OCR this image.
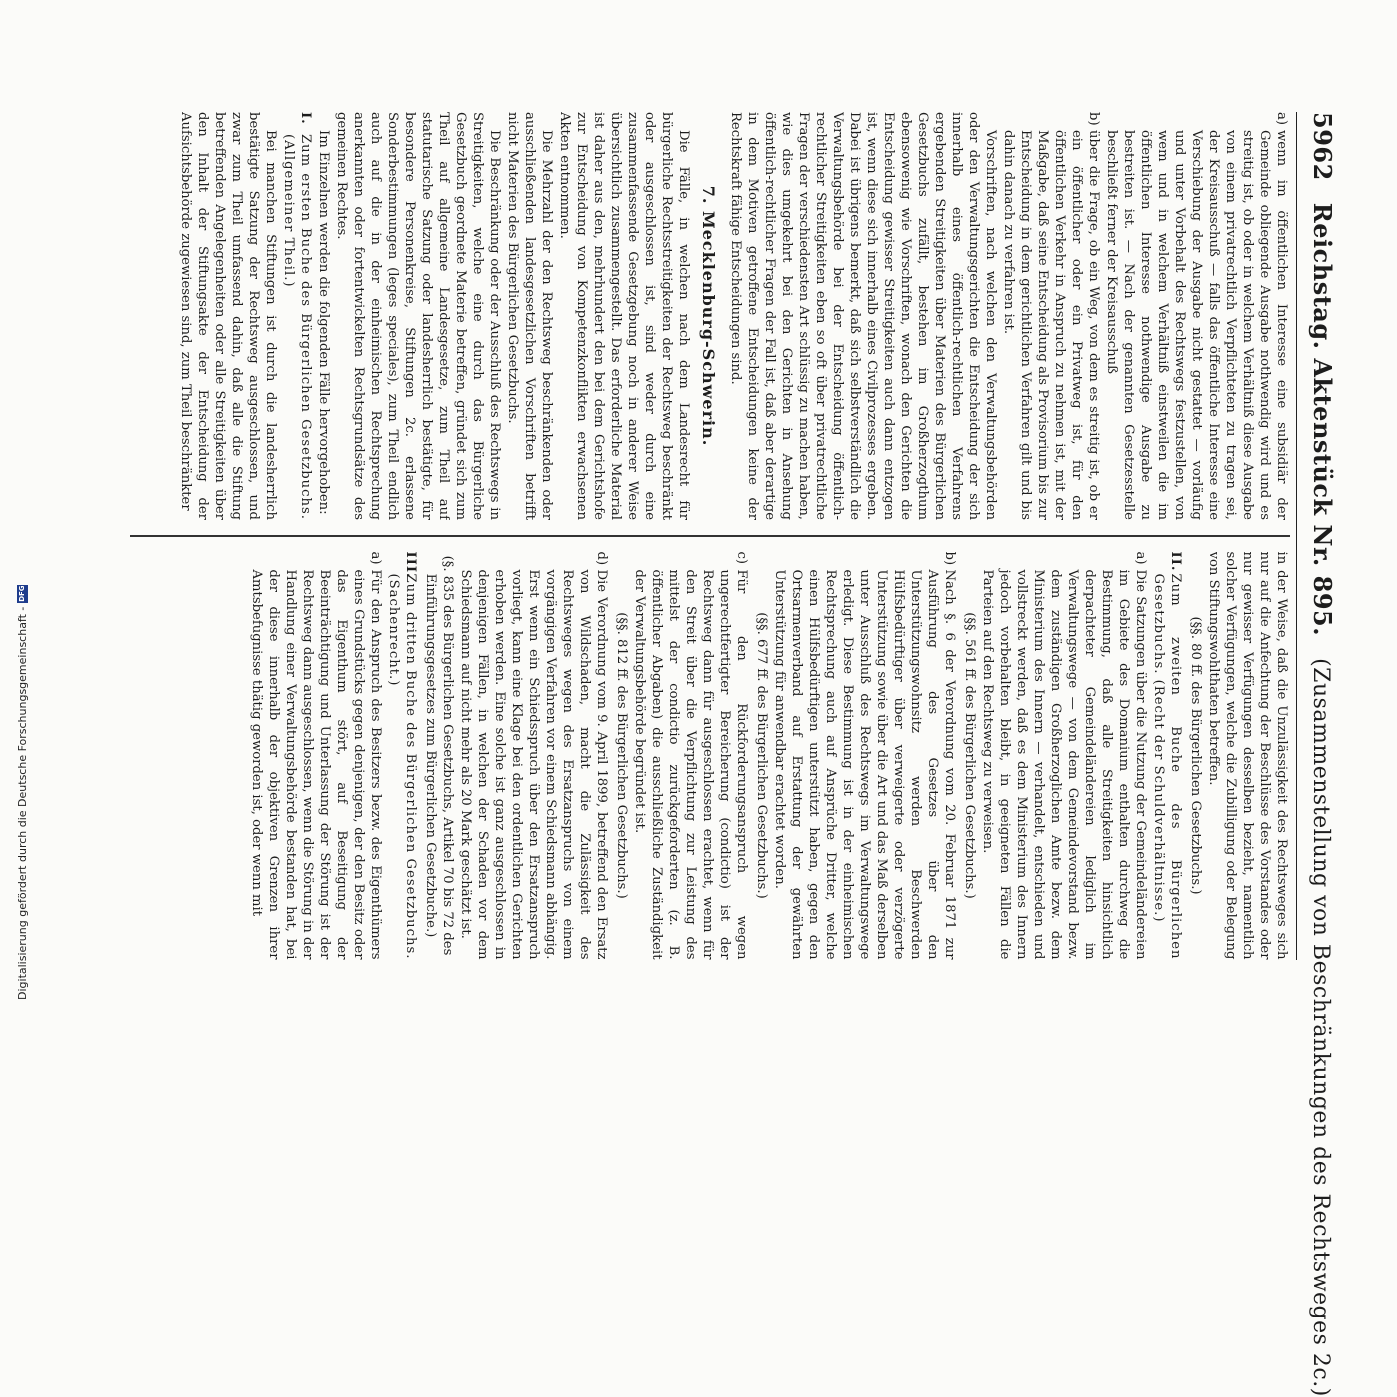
Digitalisierung gefördert durch die Deutsche Forschungsgemeinschaft -
DFG
5962
Reichstag. Aktenstück Nr. 895.
(Zusammenstellung von Beschränkungen des Rechtsweges 2c.)

a)
wenn im öffentlichen Interesse eine subsidiär der Gemeinde obliegende Ausgabe nothwendig wird und es streitig ist, ob oder in welchem Verhältniß diese Ausgabe von einem privatrechtlich Verpflichteten zu tragen sei, der Kreisausschuß — falls das öffentliche Interesse eine Verschiebung der Ausgabe nicht gestattet — vorläufig und unter Vorbehalt des Rechtswegs festzustellen, von wem und in welchem Verhältniß einstweilen die im öffentlichen Interesse nothwendige Ausgabe zu bestreiten ist. — Nach der genannten Gesetzesstelle beschließt ferner der Kreisausschuß

b)
über die Frage, ob ein Weg, von dem es streitig ist, ob er ein öffentlicher oder ein Privatweg ist, für den öffentlichen Verkehr in Anspruch zu nehmen ist, mit der Maßgabe, daß seine Entscheidung als Provisorium bis zur Entscheidung in dem gerichtlichen Verfahren gilt und bis dahin danach zu verfahren ist.

Vorschriften, nach welchen den Verwaltungsbehörden oder den Verwaltungsgerichten die Entscheidung der sich innerhalb eines öffentlich-rechtlichen Verfahrens ergebenden Streitigkeiten über Materien des Bürgerlichen Gesetzbuchs zufällt, bestehen im Großherzogthum ebensowenig wie Vorschriften, wonach den Gerichten die Entscheidung gewisser Streitigkeiten auch dann entzogen ist, wenn diese sich innerhalb eines Civilprozesses ergeben. Dabei ist übrigens bemerkt, daß sich selbstverständlich die Verwaltungsbehörde bei der Entscheidung öffentlich-rechtlicher Streitigkeiten eben so oft über privatrechtliche Fragen der verschiedensten Art schlüssig zu machen haben, wie dies umgekehrt bei den Gerichten in Ansehung öffentlich-rechtlicher Fragen der Fall ist, daß aber derartige in dem Motiven getroffene Entscheidungen keine der Rechtskraft fähige Entscheidungen sind.

7. Mecklenburg-Schwerin.

Die Fälle, in welchen nach dem Landesrecht für bürgerliche Rechtsstreitigkeiten der Rechtsweg beschränkt oder ausgeschlossen ist, sind weder durch eine zusammenfassende Gesetzgebung noch in anderer Weise übersichtlich zusammengestellt. Das erforderliche Material ist daher aus den, mehrhundert den bei dem Gerichtshofe zur Entscheidung von Kompetenzkonflikten erwachsenen Akten entnommen.

Die Mehrzahl der den Rechtsweg beschränkenden oder ausschließenden landesgesetzlichen Vorschriften betrifft nicht Materien des Bürgerlichen Gesetzbuchs.

Die Beschränkung oder der Ausschluß des Rechtswegs in Streitigkeiten, welche eine durch das Bürgerliche Gesetzbuch geordnete Materie betreffen, gründet sich zum Theil auf allgemeine Landesgesetze, zum Theil auf statutarische Satzung oder landesherrlich bestätigte, für besondere Personenkreise, Stiftungen 2c. erlassene Sonderbestimmungen (leges speciales), zum Theil endlich auch auf die in der einheimischen Rechtsprechung anerkannten oder fortentwickelten Rechtsgrundsätze des gemeinen Rechtes.

Im Einzelnen werden die folgenden Fälle hervorgehoben:

I.
Zum ersten Buche des Bürgerlichen Gesetzbuchs. (Allgemeiner Theil.)

Bei manchen Stiftungen ist durch die landesherrlich bestätigte Satzung der Rechtsweg ausgeschlossen, und zwar zum Theil umfassend dahin, daß alle die Stiftung betreffenden Angelegenheiten oder alle Streitigkeiten über den Inhalt der Stiftungsakte der Entscheidung der Aufsichtsbehörde zugewiesen sind, zum Theil beschränkter

in der Weise, daß die Unzulässigkeit des Rechtsweges sich nur auf die Anfechtung der Beschlüsse des Vorstandes oder nur gewisser Verfügungen desselben bezieht, namentlich solcher Verfügungen, welche die Zubilligung oder Belegung von Stiftungswohlthaten betreffen.

(§§. 80 ff. des Bürgerlichen Gesetzbuchs.)

II.
Zum zweiten Buche des Bürgerlichen Gesetzbuchs. (Recht der Schuldverhältnisse.)

a)
Die Satzungen über die Nutzung der Gemeindeländereien im Gebiete des Domanium enthalten durchweg die Bestimmung, daß alle Streitigkeiten hinsichtlich derpachteter Gemeindeländereien lediglich im Verwaltungswege — von dem Gemeindevorstand bezw. dem zuständigen Großherzoglichen Amte bezw. dem Ministerium des Innern — verhandelt, entschieden und vollstreckt werden, daß es dem Ministerium des Innern jedoch vorbehalten bleibt, in geeigneten Fällen die Parteien auf den Rechtsweg zu verweisen.

(§§. 561 ff. des Bürgerlichen Gesetzbuchs.)

b)
Nach §. 6 der Verordnung vom 20. Februar 1871 zur Ausführung des Gesetzes über den Unterstützungswohnsitz werden Beschwerden Hülfsbedürftiger über verweigerte oder verzögerte Unterstützung sowie über die Art und das Maß derselben unter Ausschluß des Rechtswegs im Verwaltungswege erledigt. Diese Bestimmung ist in der einheimischen Rechtsprechung auch auf Ansprüche Dritter, welche einen Hülfsbedürftigen unterstützt haben, gegen den Ortsarmenverband auf Erstattung der gewährten Unterstützung für anwendbar erachtet worden.

(§§. 677 ff. des Bürgerlichen Gesetzbuchs.)

c)
Für den Rückforderungsanspruch wegen ungerechtfertigter Bereicherung (condictio) ist der Rechtsweg dann für ausgeschlossen erachtet, wenn für den Streit über die Verpflichtung zur Leistung des mittelst der condictio zurückgeforderten (z. B. öffentlicher Abgaben) die ausschließliche Zuständigkeit der Verwaltungsbehörde begründet ist.

(§§. 812 ff. des Bürgerlichen Gesetzbuchs.)

d)
Die Verordnung vom 9. April 1899, betreffend den Ersatz von Wildschaden, macht die Zulässigkeit des Rechtsweges wegen des Ersatzanspruchs von einem vorgängigen Verfahren vor einem Schiedsmann abhängig. Erst wenn ein Schiedsspruch über den Ersatzanspruch vorliegt, kann eine Klage bei den ordentlichen Gerichten erhoben werden. Eine solche ist ganz ausgeschlossen in denjenigen Fällen, in welchen der Schaden vor dem Schiedsmann auf nicht mehr als 20 Mark geschätzt ist.

(§. 835 des Bürgerlichen Gesetzbuchs, Artikel 70 bis 72 des Einführungsgesetzes zum Bürgerlichen Gesetzbuche.)

III.
Zum dritten Buche des Bürgerlichen Gesetzbuchs. (Sachenrecht.)

a)
Für den Anspruch des Besitzers bezw. des Eigenthümers eines Grundstücks gegen denjenigen, der den Besitz oder das Eigenthum stört, auf Beseitigung der Beeinträchtigung und Unterlassung der Störung ist der Rechtsweg dann ausgeschlossen, wenn die Störung in der Handlung einer Verwaltungsbehörde bestanden hat, bei der diese innerhalb der objektiven Grenzen ihrer Amtsbefugnisse thätig geworden ist, oder wenn mit
